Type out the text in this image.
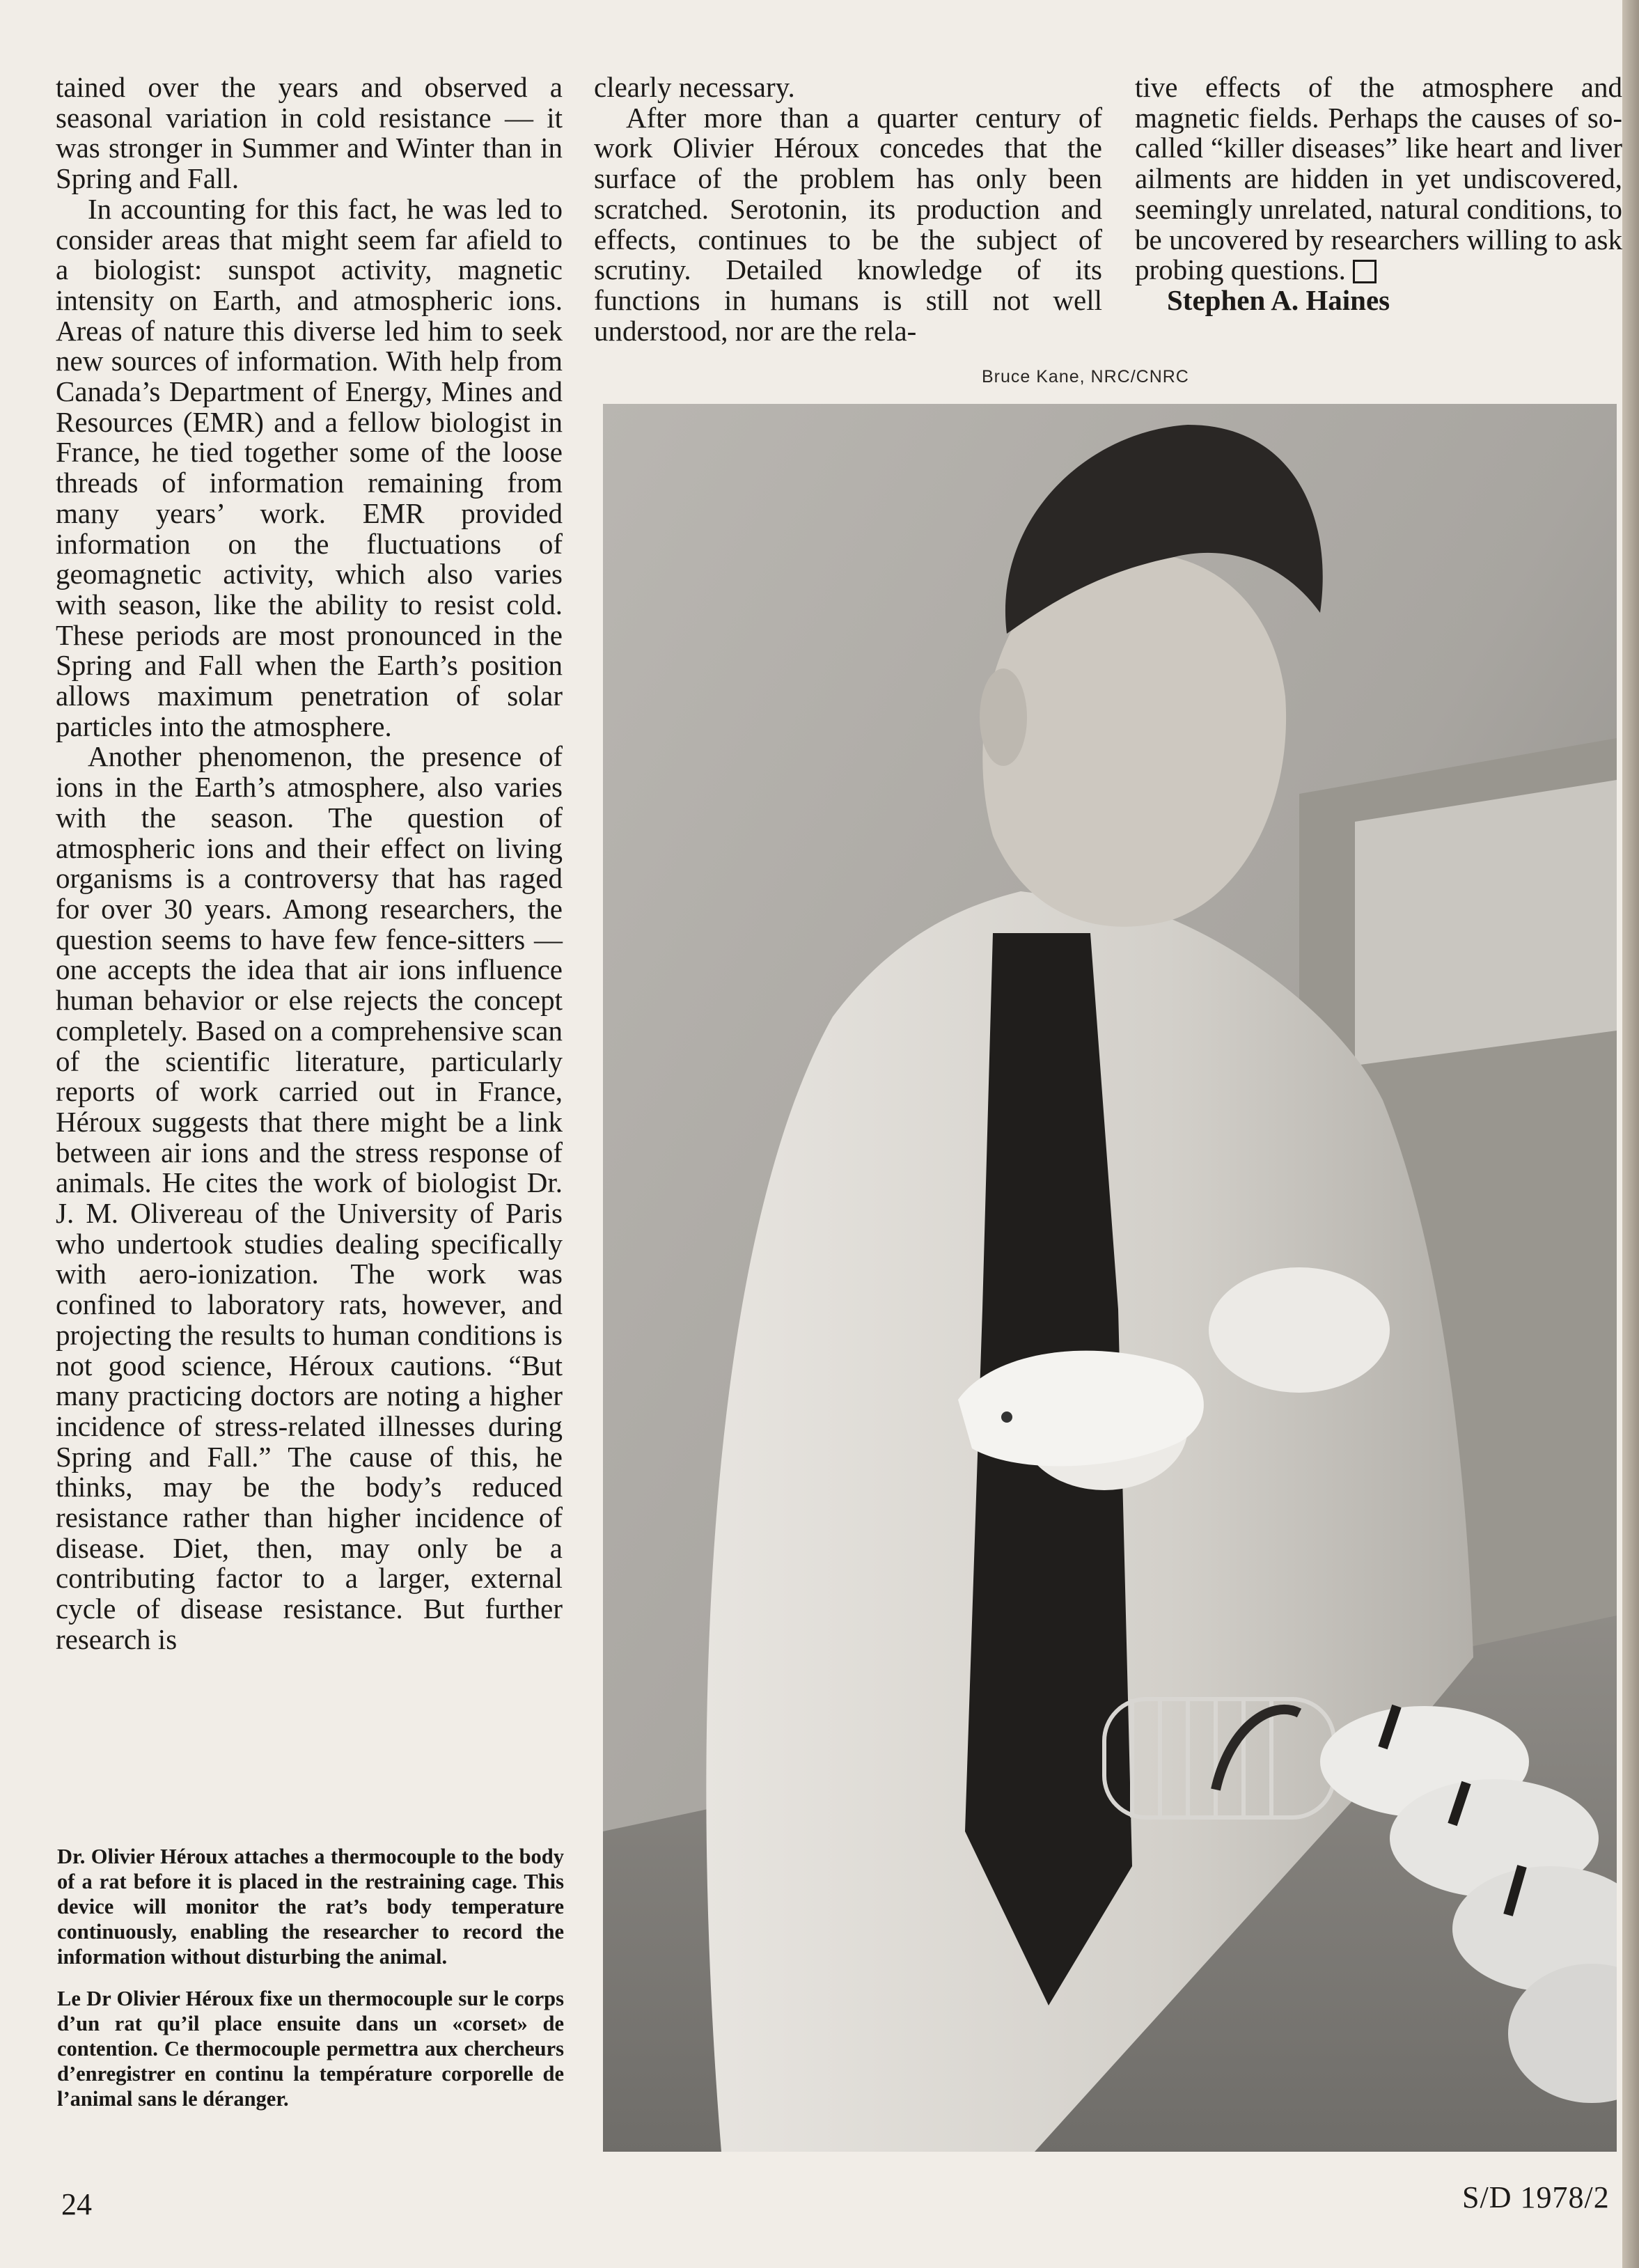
tained over the years and observed a seasonal variation in cold resistance — it was stronger in Summer and Winter than in Spring and Fall.

In accounting for this fact, he was led to consider areas that might seem far afield to a biologist: sunspot activity, magnetic intensity on Earth, and atmospheric ions. Areas of nature this diverse led him to seek new sources of information. With help from Canada’s Department of Energy, Mines and Resources (EMR) and a fellow biologist in France, he tied together some of the loose threads of information remaining from many years’ work. EMR provided information on the fluctuations of geomagnetic activity, which also varies with season, like the ability to resist cold. These periods are most pronounced in the Spring and Fall when the Earth’s position allows maximum penetration of solar particles into the atmosphere.

Another phenomenon, the presence of ions in the Earth’s atmosphere, also varies with the season. The question of atmospheric ions and their effect on living organisms is a controversy that has raged for over 30 years. Among researchers, the question seems to have few fence-sitters — one accepts the idea that air ions influence human behavior or else rejects the concept completely. Based on a comprehensive scan of the scientific literature, particularly reports of work carried out in France, Héroux suggests that there might be a link between air ions and the stress response of animals. He cites the work of biologist Dr. J. M. Olivereau of the University of Paris who undertook studies dealing specifically with aero-ionization. The work was confined to laboratory rats, however, and projecting the results to human conditions is not good science, Héroux cautions. “But many practicing doctors are noting a higher incidence of stress-related illnesses during Spring and Fall.” The cause of this, he thinks, may be the body’s reduced resistance rather than higher incidence of disease. Diet, then, may only be a contributing factor to a larger, external cycle of disease resistance. But further research is

clearly necessary.

After more than a quarter century of work Olivier Héroux concedes that the surface of the problem has only been scratched. Serotonin, its production and effects, continues to be the subject of scrutiny. Detailed knowledge of its functions in humans is still not well understood, nor are the rela-

tive effects of the atmosphere and magnetic fields. Perhaps the causes of so-called “killer diseases” like heart and liver ailments are hidden in yet undiscovered, seemingly unrelated, natural conditions, to be uncovered by researchers willing to ask probing questions.

Stephen A. Haines

Bruce Kane, NRC/CNRC

Dr. Olivier Héroux attaches a thermocouple to the body of a rat before it is placed in the restraining cage. This device will monitor the rat’s body temperature continuously, enabling the researcher to record the information without disturbing the animal.

Le Dr Olivier Héroux fixe un thermocouple sur le corps d’un rat qu’il place ensuite dans un «corset» de contention. Ce thermocouple permettra aux chercheurs d’enregistrer en continu la température corporelle de l’animal sans le déranger.

24	S/D 1978/2
